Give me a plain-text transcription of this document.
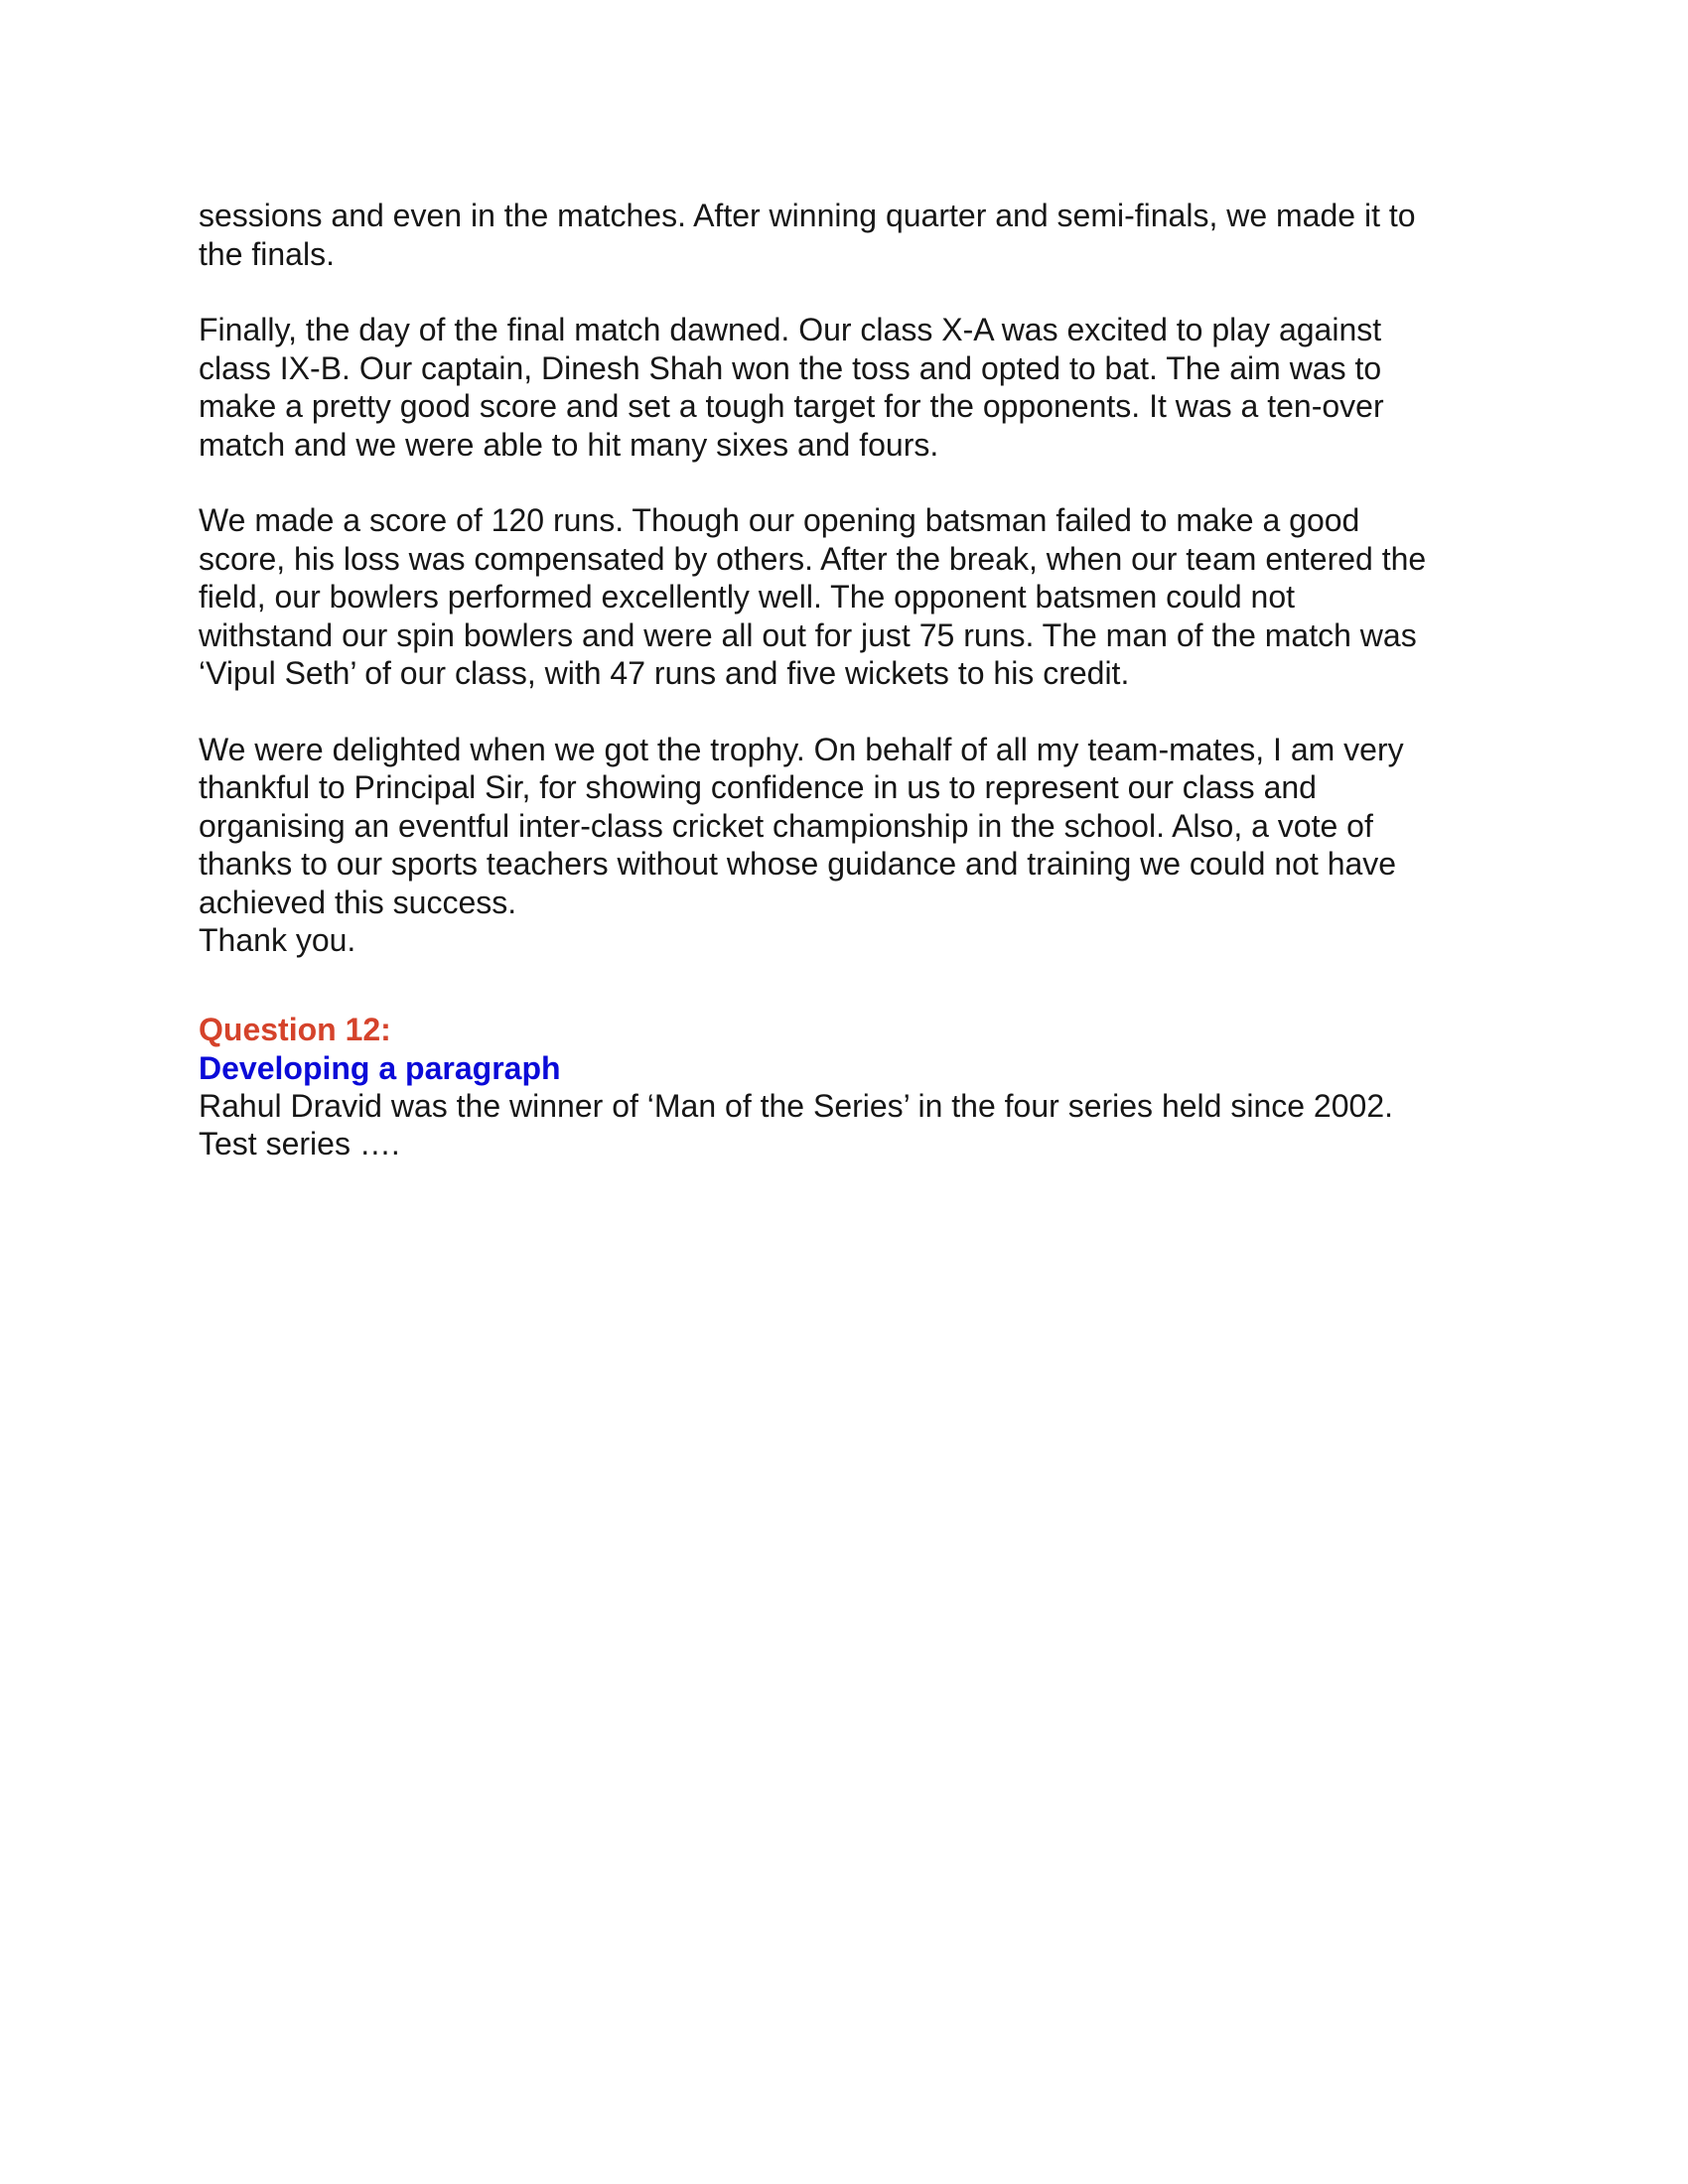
sessions and even in the matches. After winning quarter and semi-finals, we made it to
the finals.
Finally, the day of the final match dawned. Our class X-A was excited to play against
class IX-B. Our captain, Dinesh Shah won the toss and opted to bat. The aim was to
make a pretty good score and set a tough target for the opponents. It was a ten-over
match and we were able to hit many sixes and fours.
We made a score of 120 runs. Though our opening batsman failed to make a good
score, his loss was compensated by others. After the break, when our team entered the
field, our bowlers performed excellently well. The opponent batsmen could not
withstand our spin bowlers and were all out for just 75 runs. The man of the match was
‘Vipul Seth’ of our class, with 47 runs and five wickets to his credit.
We were delighted when we got the trophy. On behalf of all my team-mates, I am very
thankful to Principal Sir, for showing confidence in us to represent our class and
organising an eventful inter-class cricket championship in the school. Also, a vote of
thanks to our sports teachers without whose guidance and training we could not have
achieved this success.
Thank you.
Question 12:
Developing a paragraph
Rahul Dravid was the winner of ‘Man of the Series’ in the four series held since 2002.
Test series ….
